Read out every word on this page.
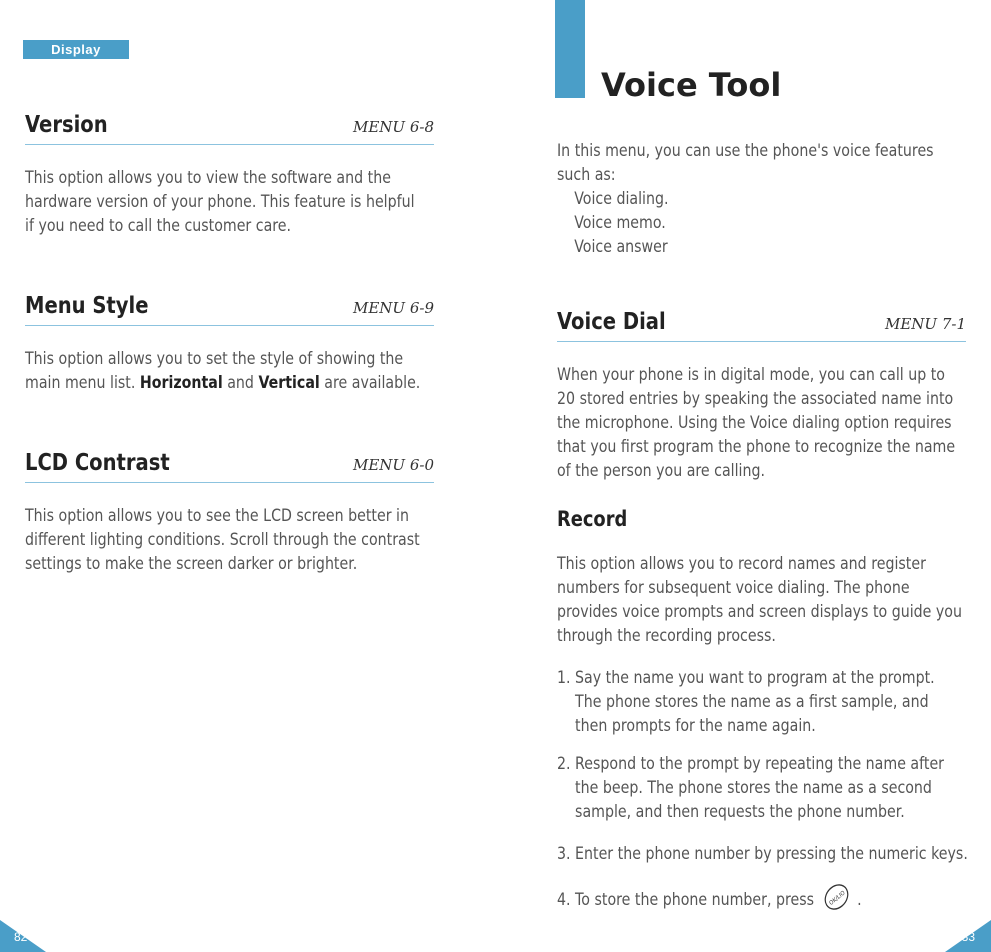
Display
Version	MENU 6-8
This option allows you to view the software and the
hardware version of your phone. This feature is helpful
if you need to call the customer care.
Menu Style	MENU 6-9
This option allows you to set the style of showing the
main menu list. Horizontal and Vertical are available.
LCD Contrast	MENU 6-0
This option allows you to see the LCD screen better in
different lighting conditions. Scroll through the contrast
settings to make the screen darker or brighter.
82
Voice Tool
In this menu, you can use the phone's voice features
such as:
Voice dialing.
Voice memo.
Voice answer
Voice Dial	MENU 7-1
When your phone is in digital mode, you can call up to
20 stored entries by speaking the associated name into
the microphone. Using the Voice dialing option requires
that you first program the phone to recognize the name
of the person you are calling.
Record
This option allows you to record names and register
numbers for subsequent voice dialing. The phone
provides voice prompts and screen displays to guide you
through the recording process.
1. Say the name you want to program at the prompt.
The phone stores the name as a first sample, and
then prompts for the name again.
2. Respond to the prompt by repeating the name after
the beep. The phone stores the name as a second
sample, and then requests the phone number.
3. Enter the phone number by pressing the numeric keys.
4. To store the phone number, press OK/LIO .
83
